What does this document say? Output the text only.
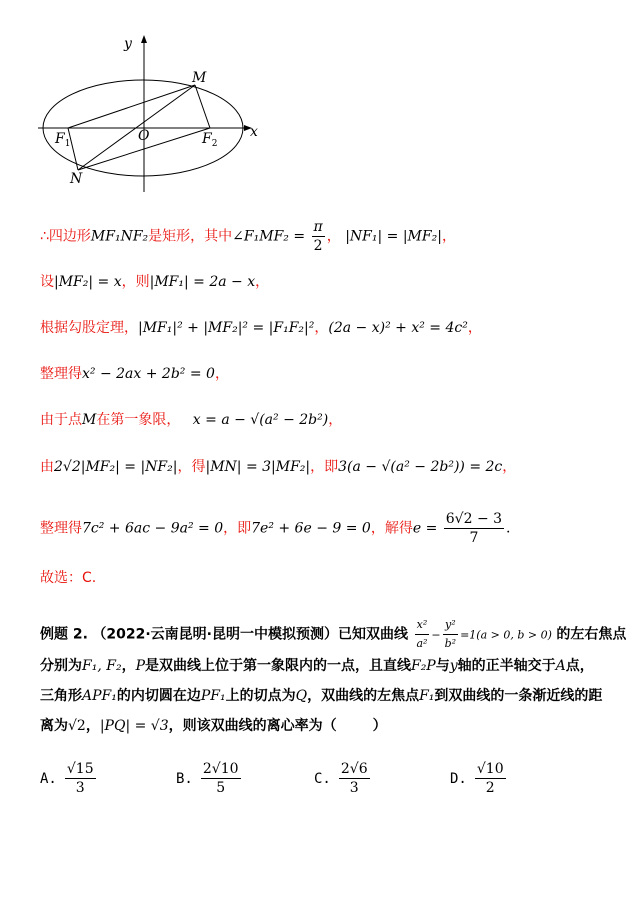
y
x
M
O
$F_1$	$F_2$
N
∴四边形MF₁NF₂是矩形，其中∠F₁MF₂ = $\frac{\pi}{2}$ ， |NF₁| = |MF₂|，
设|MF₂| = x，则|MF₁| = 2a − x，
根据勾股定理，|MF₁|² + |MF₂|² = |F₁F₂|²，(2a − x)² + x² = 4c²，
整理得x² − 2ax + 2b² = 0，
由于点M在第一象限， x = a − √(a² − 2b²)，
由2√2|MF₂| = |NF₂|，得|MN| = 3|MF₂|，即3(a − √(a² − 2b²)) = 2c，
整理得7c² + 6ac − 9a² = 0，即7e² + 6e − 9 = 0，解得$e = \frac{6√2 - 3}{7}$ .
故选：C.
例题 2. （2022·云南昆明·昆明一中模拟预测）已知双曲线 $\frac{\text{x²}}{\text{a²}} - \frac{\text{y²}}{\text{b²}} =1(a > 0$, b > 0) 的左右焦点
分别为F₁, F₂，P是双曲线上位于第一象限内的一点，且直线F₂P与y轴的正半轴交于A点，
三角形APF₁的内切圆在边PF₁上的切点为Q，双曲线的左焦点F₁到双曲线的一条渐近线的距
离为√2，|PQ| = √3，则该双曲线的离心率为（	）
A. $\frac{√15}{3}$	B. $\frac{2√10}{5}$	C. $\frac{2√6}{3}$	D. $\frac{√10}{2}$
